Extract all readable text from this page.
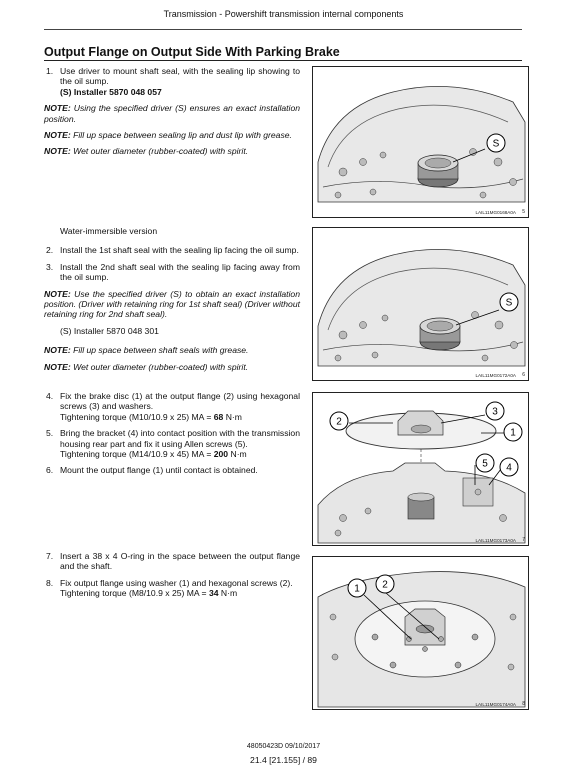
Transmission - Powershift transmission internal components
Output Flange on Output Side With Parking Brake
1. Use driver to mount shaft seal, with the sealing lip showing to the oil sump.
(S) Installer 5870 048 057
NOTE: Using the specified driver (S) ensures an exact installation position.
NOTE: Fill up space between sealing lip and dust lip with grease.
NOTE: Wet outer diameter (rubber-coated) with spirit.
Water-immersible version
2. Install the 1st shaft seal with the sealing lip facing the oil sump.
3. Install the 2nd shaft seal with the sealing lip facing away from the oil sump.
NOTE: Use the specified driver (S) to obtain an exact installation position. (Driver with retaining ring for 1st shaft seal) (Driver without retaining ring for 2nd shaft seal).
(S) Installer 5870 048 301
NOTE: Fill up space between shaft seals with grease.
NOTE: Wet outer diameter (rubber-coated) with spirit.
4. Fix the brake disc (1) at the output flange (2) using hexagonal screws (3) and washers.
Tightening torque (M10/10.9 x 25) MA = 68 N·m
5. Bring the bracket (4) into contact position with the transmission housing rear part and fix it using Allen screws (5).
Tightening torque (M14/10.9 x 45) MA = 200 N·m
6. Mount the output flange (1) until contact is obtained.
7. Insert a 38 x 4 O-ring in the space between the output flange and the shaft.
8. Fix output flange using washer (1) and hexagonal screws (2).
Tightening torque (M8/10.9 x 25) MA = 34 N·m
S
LAIL11MG0168A0A 5
S
LAIL11MG0172A0A 6
2
3
1
5 4
LAIL11MG0173A0A 7
1 2
LAIL11MG0174A0A 8
48050423D 09/10/2017
21.4 [21.155] / 89
